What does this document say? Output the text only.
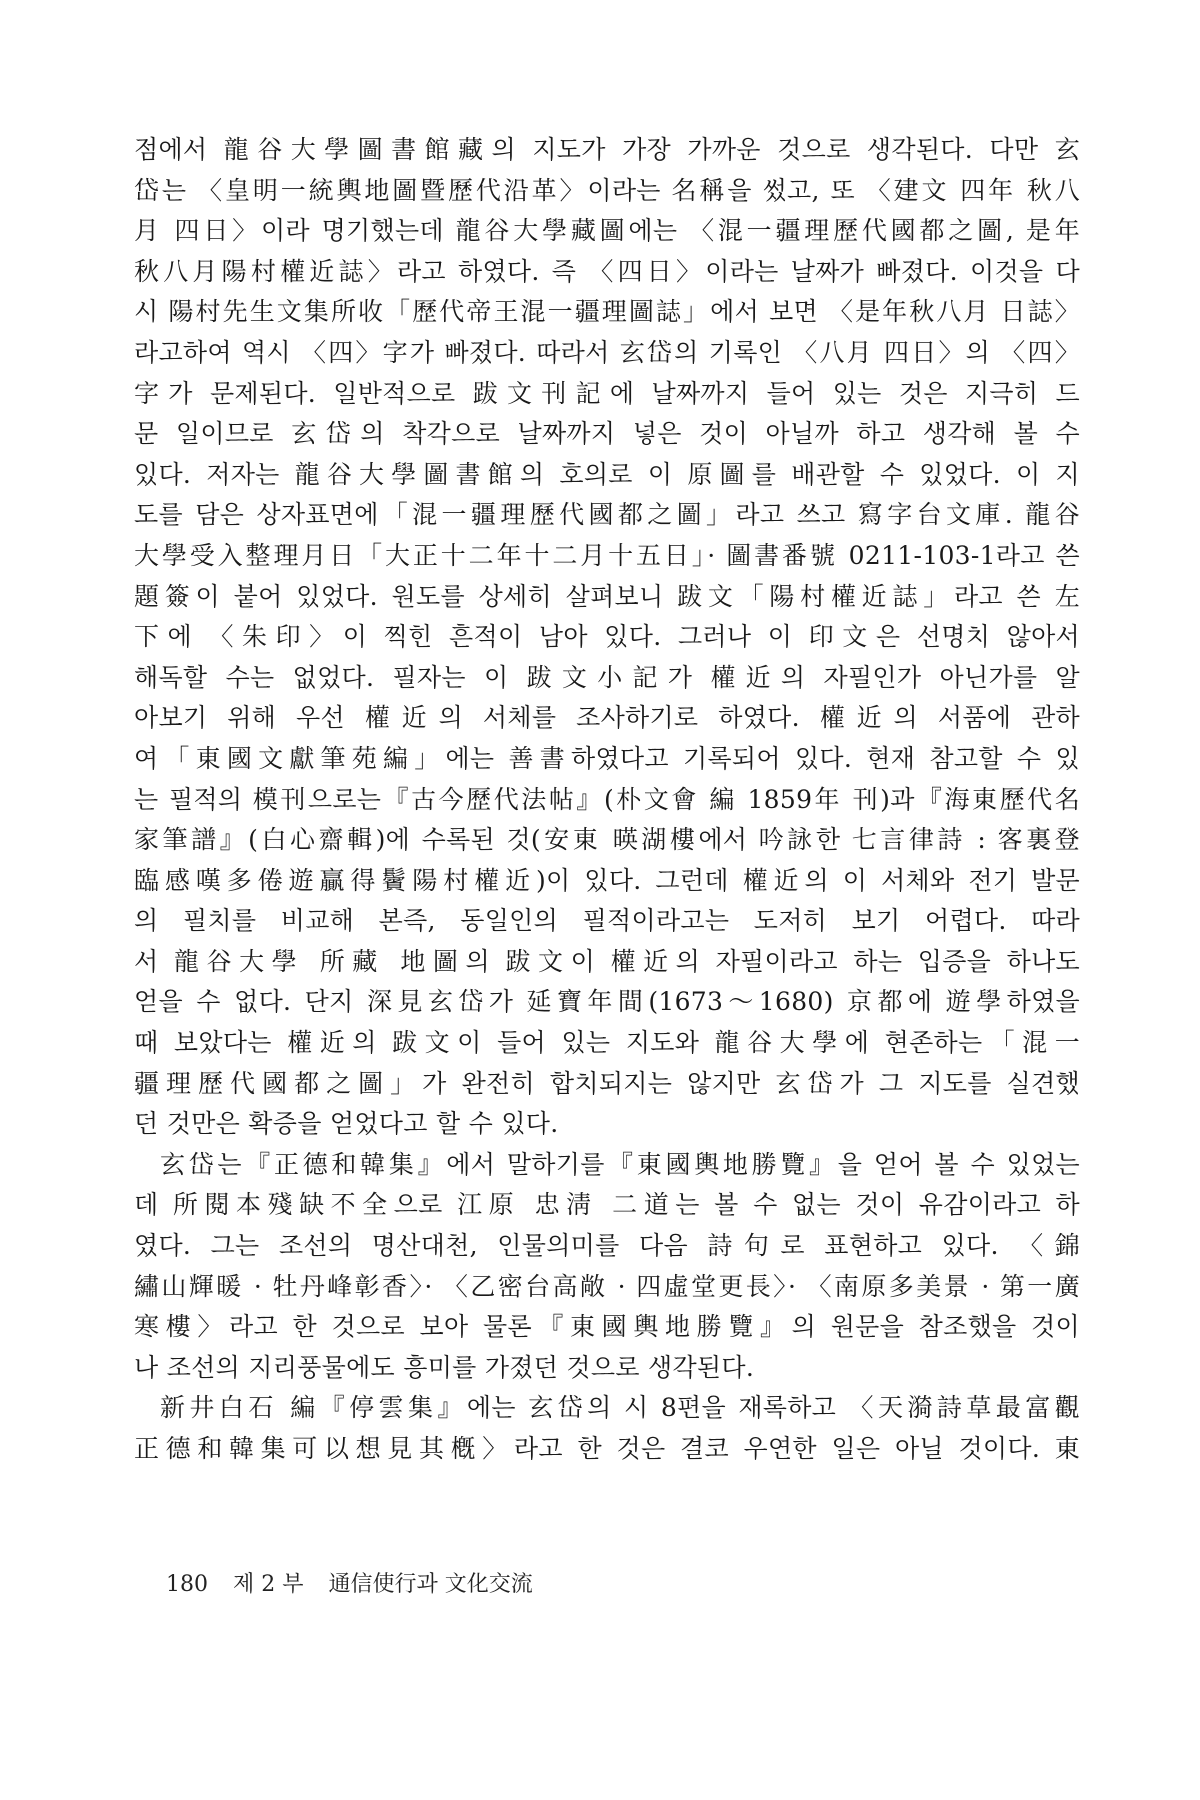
점에서 龍谷大學圖書館藏의 지도가 가장 가까운 것으로 생각된다. 다만 玄
岱는 〈皇明一統輿地圖暨歷代沿革〉이라는 名稱을 썼고, 또 〈建文 四年 秋八
月 四日〉이라 명기했는데 龍谷大學藏圖에는 〈混一疆理歷代國都之圖, 是年
秋八月陽村權近誌〉라고 하였다. 즉 〈四日〉이라는 날짜가 빠졌다. 이것을 다
시 陽村先生文集所收「歷代帝王混一疆理圖誌」에서 보면 〈是年秋八月 日誌〉
라고하여 역시 〈四〉字가 빠졌다. 따라서 玄岱의 기록인 〈八月 四日〉의 〈四〉
字가 문제된다. 일반적으로 跋文刊記에 날짜까지 들어 있는 것은 지극히 드
문 일이므로 玄岱의 착각으로 날짜까지 넣은 것이 아닐까 하고 생각해 볼 수
있다. 저자는 龍谷大學圖書館의 호의로 이 原圖를 배관할 수 있었다. 이 지
도를 담은 상자표면에「混一疆理歷代國都之圖」라고 쓰고 寫字台文庫. 龍谷
大學受入整理月日「大正十二年十二月十五日」· 圖書番號 0211-103-1라고 쓴
題簽이 붙어 있었다. 원도를 상세히 살펴보니 跋文「陽村權近誌」라고 쓴 左
下에 〈朱印〉이 찍힌 흔적이 남아 있다. 그러나 이 印文은 선명치 않아서
해독할 수는 없었다. 필자는 이 跋文小記가 權近의 자필인가 아닌가를 알
아보기 위해 우선 權近의 서체를 조사하기로 하였다. 權近의 서품에 관하
여「東國文獻筆苑編」에는 善書하였다고 기록되어 있다. 현재 참고할 수 있
는 필적의 模刊으로는『古今歷代法帖』(朴文會 編 1859年 刊)과『海東歷代名
家筆譜』(白心齋輯)에 수록된 것(安東 暎湖樓에서 吟詠한 七言律詩 : 客裏登
臨感嘆多倦遊贏得鬢陽村權近)이 있다. 그런데 權近의 이 서체와 전기 발문
의 필치를 비교해 본즉, 동일인의 필적이라고는 도저히 보기 어렵다. 따라
서 龍谷大學 所藏 地圖의 跋文이 權近의 자필이라고 하는 입증을 하나도
얻을 수 없다. 단지 深見玄岱가 延寶年間(1673～1680) 京都에 遊學하였을
때 보았다는 權近의 跋文이 들어 있는 지도와 龍谷大學에 현존하는「混一
疆理歷代國都之圖」가 완전히 합치되지는 않지만 玄岱가 그 지도를 실견했
던 것만은 확증을 얻었다고 할 수 있다.
玄岱는『正德和韓集』에서 말하기를『東國輿地勝覽』을 얻어 볼 수 있었는
데 所閱本殘缺不全으로 江原 忠淸 二道는 볼 수 없는 것이 유감이라고 하
였다. 그는 조선의 명산대천, 인물의미를 다음 詩句로 표현하고 있다. 〈錦
繡山輝暖 · 牡丹峰彰香〉· 〈乙密台高敞 · 四虛堂更長〉· 〈南原多美景 · 第一廣
寒樓〉라고 한 것으로 보아 물론『東國輿地勝覽』의 원문을 참조했을 것이
나 조선의 지리풍물에도 흥미를 가졌던 것으로 생각된다.
新井白石 編『停雲集』에는 玄岱의 시 8편을 재록하고 〈天漪詩草最富觀
正德和韓集可以想見其槪〉라고 한 것은 결코 우연한 일은 아닐 것이다. 東
180 제 2 부 通信使行과 文化交流
